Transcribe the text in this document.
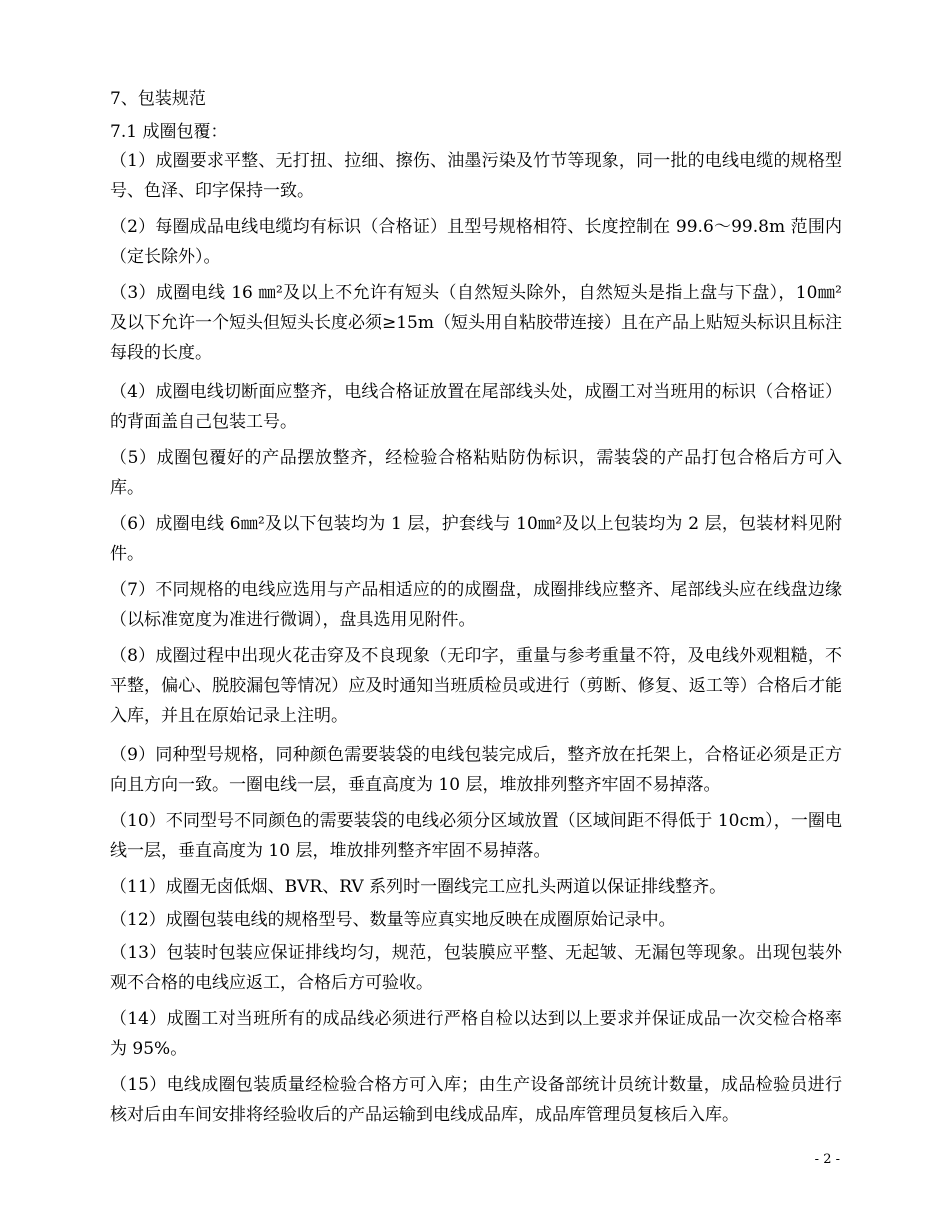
7、包装规范
7.1 成圈包覆：
（1）成圈要求平整、无打扭、拉细、擦伤、油墨污染及竹节等现象，同一批的电线电缆的规格型号、色泽、印字保持一致。
（2）每圈成品电线电缆均有标识（合格证）且型号规格相符、长度控制在 99.6～99.8m 范围内（定长除外）。
（3）成圈电线 16 ㎜²及以上不允许有短头（自然短头除外，自然短头是指上盘与下盘），10㎜²及以下允许一个短头但短头长度必须≥15m（短头用自粘胶带连接）且在产品上贴短头标识且标注每段的长度。
（4）成圈电线切断面应整齐，电线合格证放置在尾部线头处，成圈工对当班用的标识（合格证）的背面盖自己包装工号。
（5）成圈包覆好的产品摆放整齐，经检验合格粘贴防伪标识，需装袋的产品打包合格后方可入库。
（6）成圈电线 6㎜²及以下包装均为 1 层，护套线与 10㎜²及以上包装均为 2 层，包装材料见附件。
（7）不同规格的电线应选用与产品相适应的的成圈盘，成圈排线应整齐、尾部线头应在线盘边缘（以标准宽度为准进行微调），盘具选用见附件。
（8）成圈过程中出现火花击穿及不良现象（无印字，重量与参考重量不符，及电线外观粗糙，不平整，偏心、脱胶漏包等情况）应及时通知当班质检员或进行（剪断、修复、返工等）合格后才能入库，并且在原始记录上注明。
（9）同种型号规格，同种颜色需要装袋的电线包装完成后，整齐放在托架上，合格证必须是正方向且方向一致。一圈电线一层，垂直高度为 10 层，堆放排列整齐牢固不易掉落。
（10）不同型号不同颜色的需要装袋的电线必须分区域放置（区域间距不得低于 10cm），一圈电线一层，垂直高度为 10 层，堆放排列整齐牢固不易掉落。
（11）成圈无卤低烟、BVR、RV 系列时一圈线完工应扎头两道以保证排线整齐。
（12）成圈包装电线的规格型号、数量等应真实地反映在成圈原始记录中。
（13）包装时包装应保证排线均匀，规范，包装膜应平整、无起皱、无漏包等现象。出现包装外观不合格的电线应返工，合格后方可验收。
（14）成圈工对当班所有的成品线必须进行严格自检以达到以上要求并保证成品一次交检合格率为 95%。
（15）电线成圈包装质量经检验合格方可入库；由生产设备部统计员统计数量，成品检验员进行核对后由车间安排将经验收后的产品运输到电线成品库，成品库管理员复核后入库。
- 2 -
